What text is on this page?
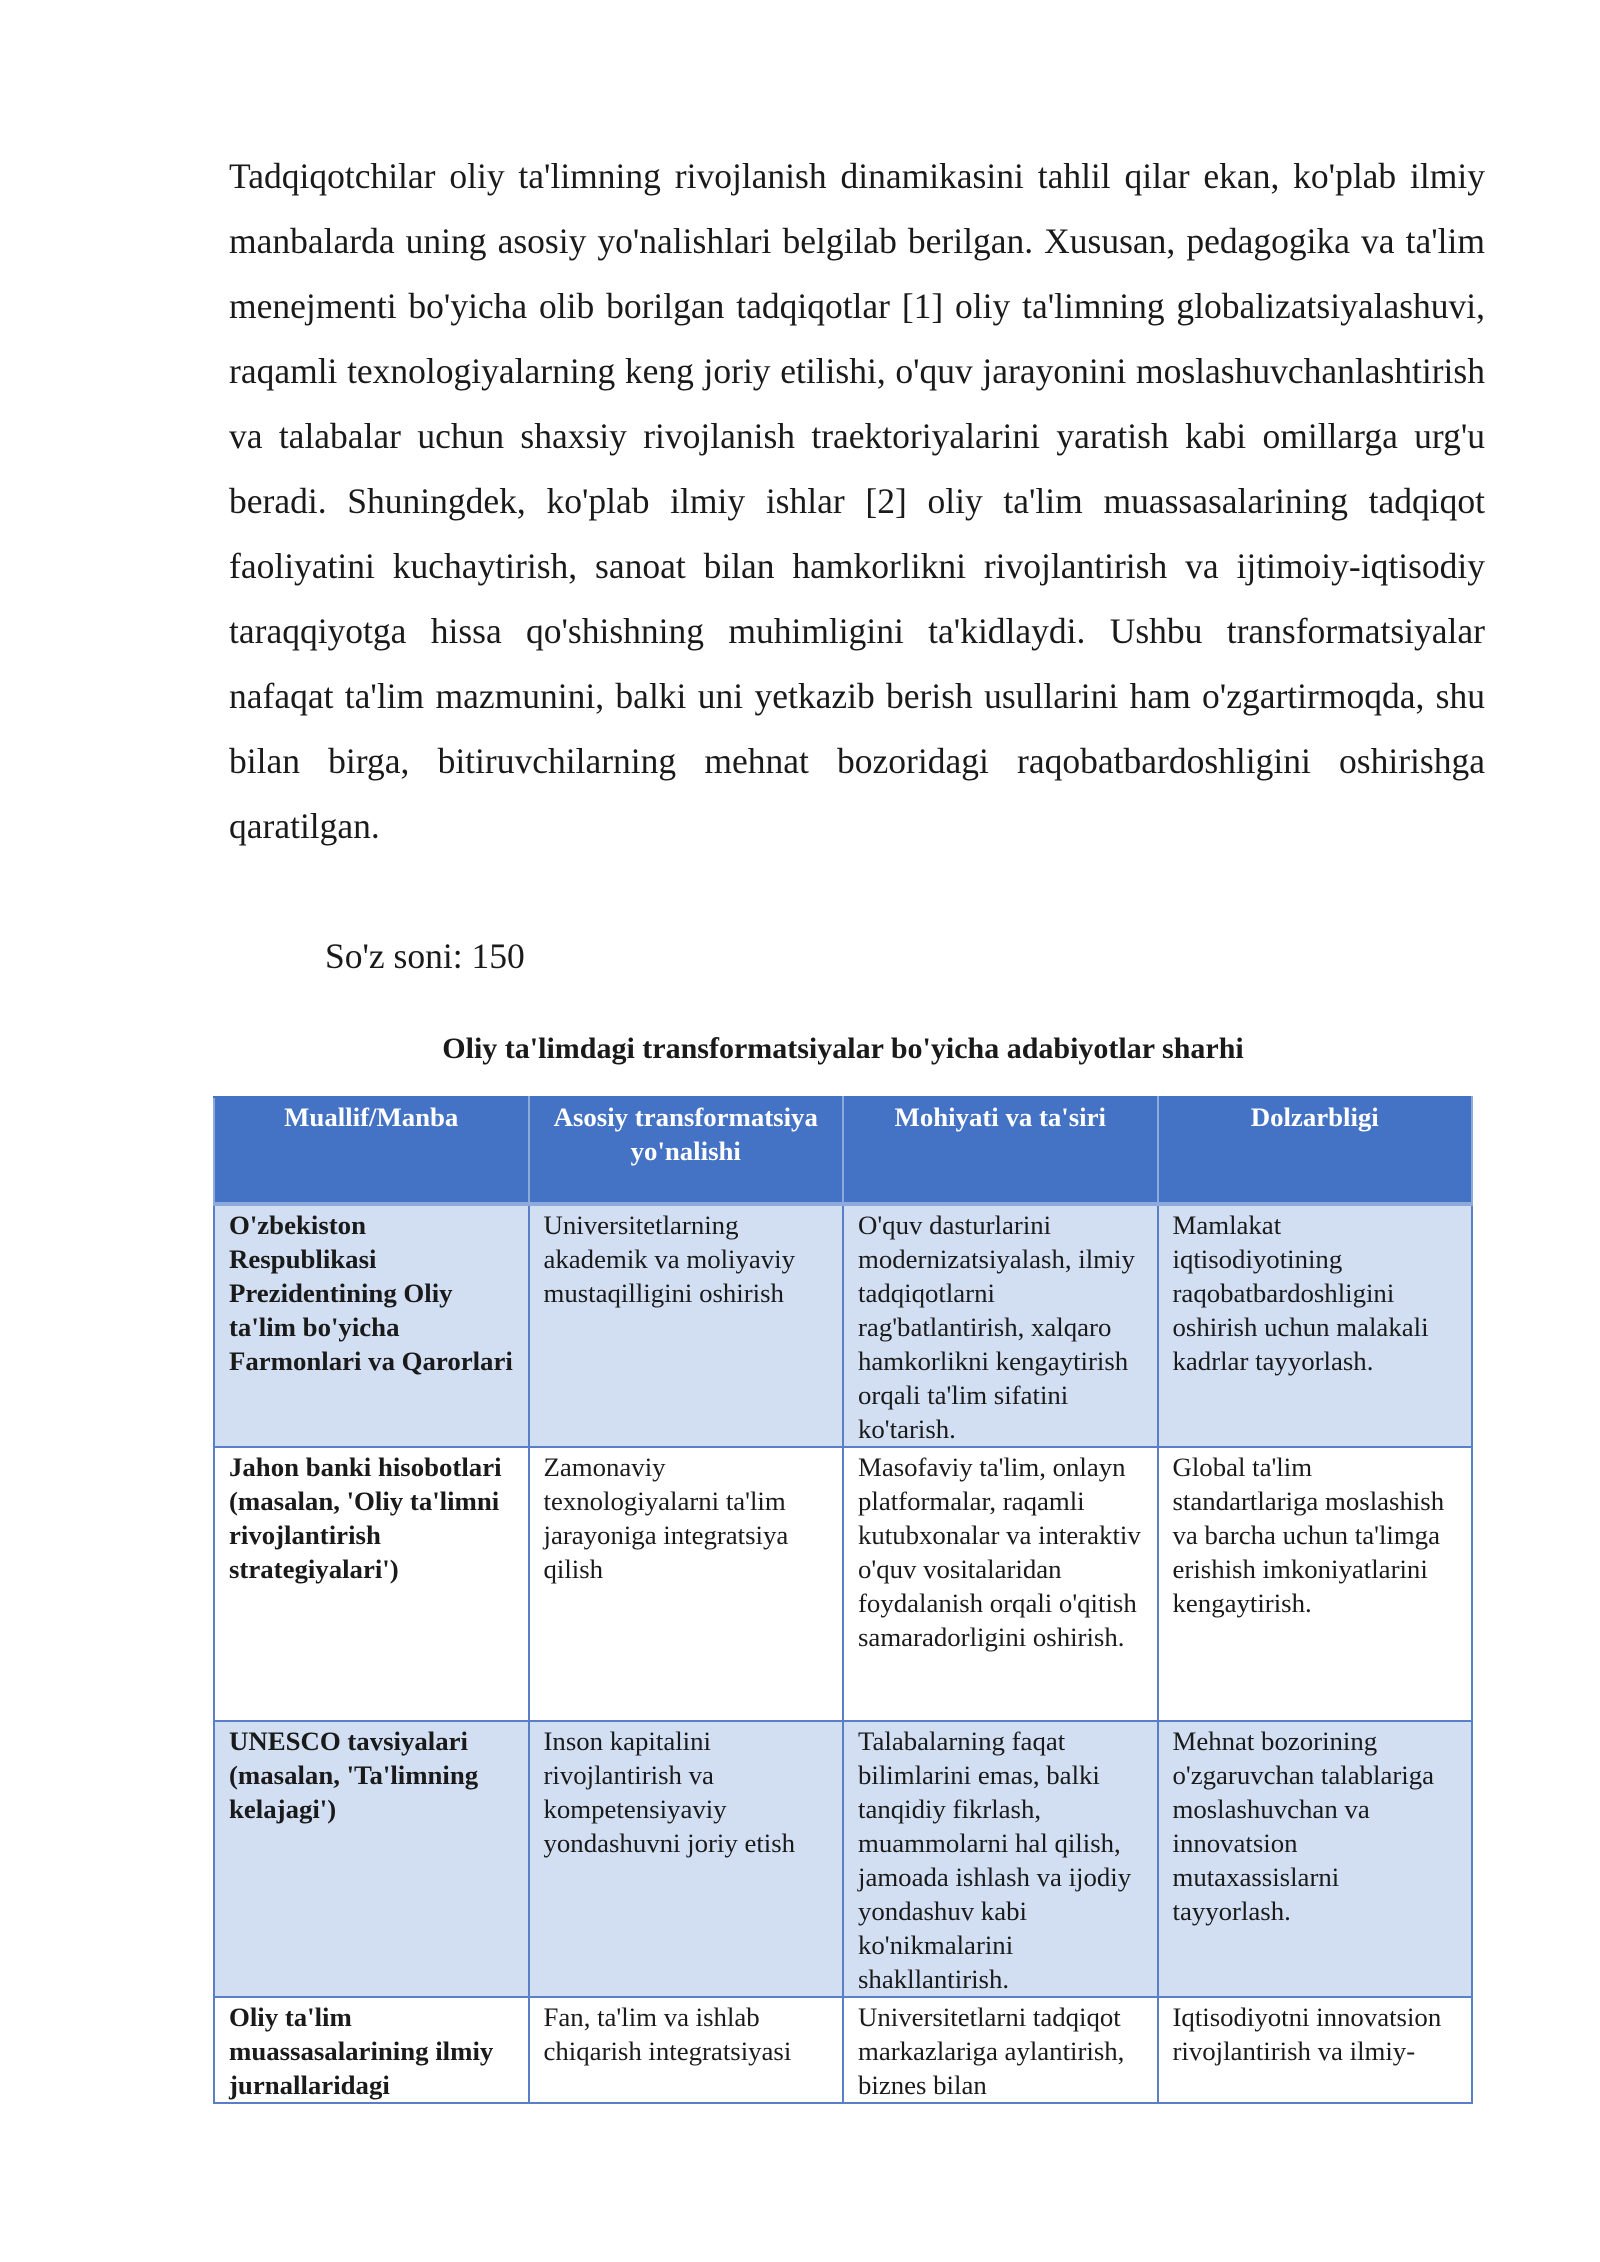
Tadqiqotchilar oliy ta'limning rivojlanish dinamikasini tahlil qilar ekan, ko'plab ilmiy manbalarda uning asosiy yo'nalishlari belgilab berilgan. Xususan, pedagogika va ta'lim menejmenti bo'yicha olib borilgan tadqiqotlar [1] oliy ta'limning globalizatsiyalashuvi, raqamli texnologiyalarning keng joriy etilishi, o'quv jarayonini moslashuvchanlashtirish va talabalar uchun shaxsiy rivojlanish traektoriyalarini yaratish kabi omillarga urg'u beradi. Shuningdek, ko'plab ilmiy ishlar [2] oliy ta'lim muassasalarining tadqiqot faoliyatini kuchaytirish, sanoat bilan hamkorlikni rivojlantirish va ijtimoiy-iqtisodiy taraqqiyotga hissa qo'shishning muhimligini ta'kidlaydi. Ushbu transformatsiyalar nafaqat ta'lim mazmunini, balki uni yetkazib berish usullarini ham o'zgartirmoqda, shu bilan birga, bitiruvchilarning mehnat bozoridagi raqobatbardoshligini oshirishga qaratilgan.

So'z soni: 150
Oliy ta'limdagi transformatsiyalar bo'yicha adabiyotlar sharhi
Muallif/Manba	Asosiy transformatsiya yo'nalishi	Mohiyati va ta'siri	Dolzarbligi
O'zbekiston Respublikasi Prezidentining Oliy ta'lim bo'yicha Farmonlari va Qarorlari	Universitetlarning akademik va moliyaviy mustaqilligini oshirish	O'quv dasturlarini modernizatsiyalash, ilmiy tadqiqotlarni rag'batlantirish, xalqaro hamkorlikni kengaytirish orqali ta'lim sifatini ko'tarish.	Mamlakat iqtisodiyotining raqobatbardoshligini oshirish uchun malakali kadrlar tayyorlash.
Jahon banki hisobotlari (masalan, 'Oliy ta'limni rivojlantirish strategiyalari')	Zamonaviy texnologiyalarni ta'lim jarayoniga integratsiya qilish	Masofaviy ta'lim, onlayn platformalar, raqamli kutubxonalar va interaktiv o'quv vositalaridan foydalanish orqali o'qitish samaradorligini oshirish.	Global ta'lim standartlariga moslashish va barcha uchun ta'limga erishish imkoniyatlarini kengaytirish.
UNESCO tavsiyalari (masalan, 'Ta'limning kelajagi')	Inson kapitalini rivojlantirish va kompetensiyaviy yondashuvni joriy etish	Talabalarning faqat bilimlarini emas, balki tanqidiy fikrlash, muammolarni hal qilish, jamoada ishlash va ijodiy yondashuv kabi ko'nikmalarini shakllantirish.	Mehnat bozorining o'zgaruvchan talablariga moslashuvchan va innovatsion mutaxassislarni tayyorlash.
Oliy ta'lim muassasalarining ilmiy jurnallaridagi	Fan, ta'lim va ishlab chiqarish integratsiyasi	Universitetlarni tadqiqot markazlariga aylantirish, biznes bilan	Iqtisodiyotni innovatsion rivojlantirish va ilmiy-
